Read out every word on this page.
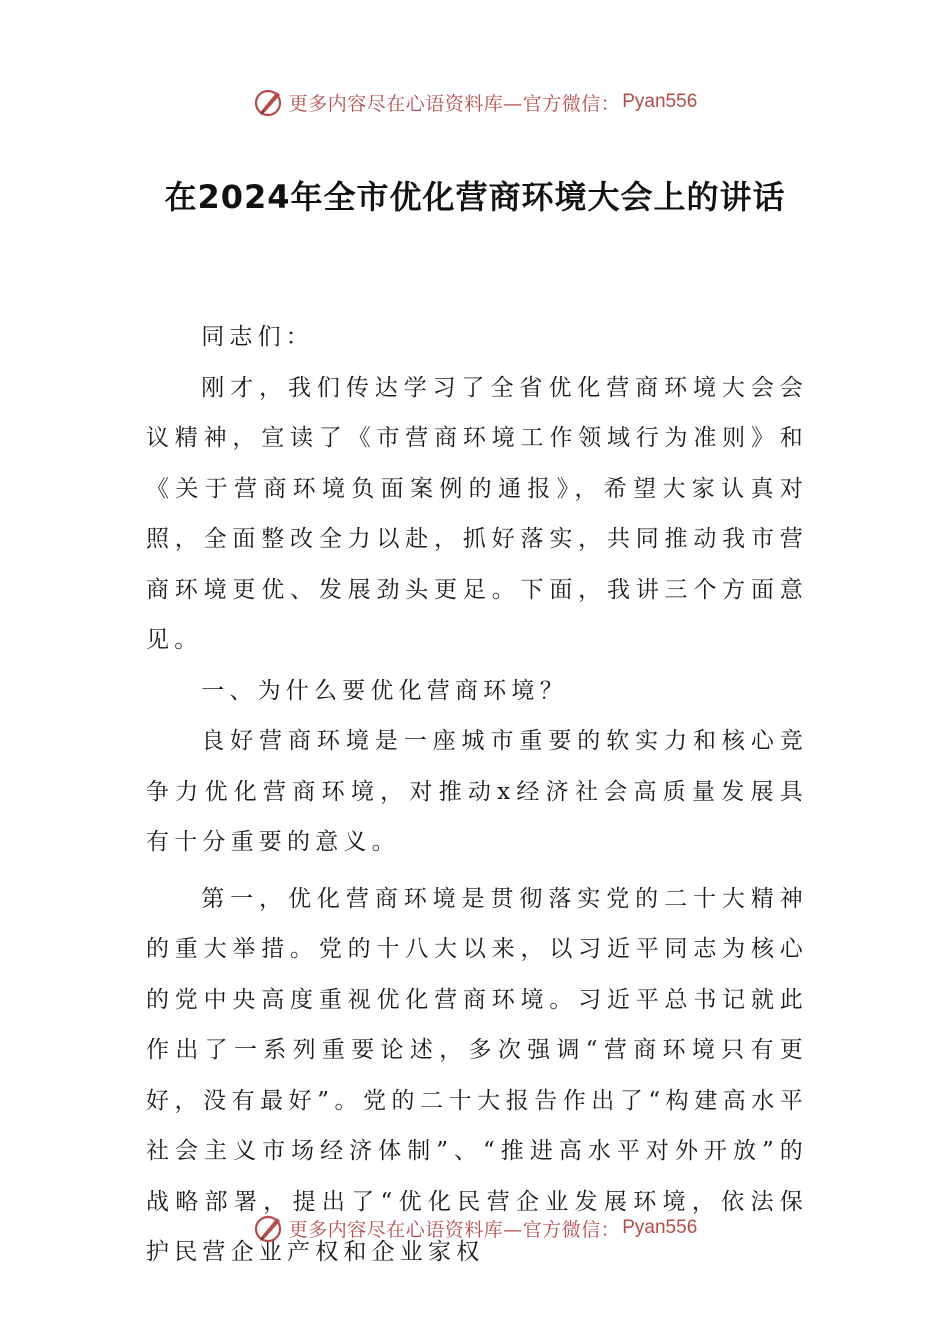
更多内容尽在心语资料库—官方微信： Pyan556
在2024年全市优化营商环境大会上的讲话

同志们：

刚才，我们传达学习了全省优化营商环境大会会议精神，宣读了《市营商环境工作领域行为准则》和《关于营商环境负面案例的通报》，希望大家认真对照，全面整改全力以赴，抓好落实，共同推动我市营商环境更优、发展劲头更足。下面，我讲三个方面意见。

一、为什么要优化营商环境？

良好营商环境是一座城市重要的软实力和核心竞争力优化营商环境，对推动x经济社会高质量发展具有十分重要的意义。

第一，优化营商环境是贯彻落实党的二十大精神的重大举措。党的十八大以来，以习近平同志为核心的党中央高度重视优化营商环境。习近平总书记就此作出了一系列重要论述，多次强调“营商环境只有更好，没有最好”。党的二十大报告作出了“构建高水平社会主义市场经济体制”、“推进高水平对外开放”的战略部署，提出了“优化民营企业发展环境，依法保护民营企业产权和企业家权

更多内容尽在心语资料库—官方微信： Pyan556
